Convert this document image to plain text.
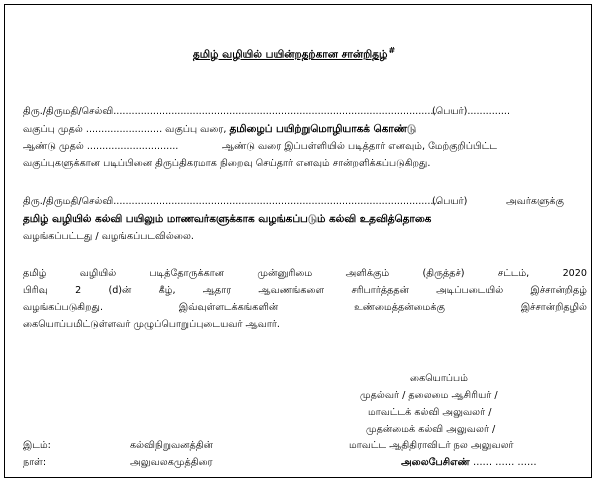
தமிழ் வழியில் பயின்றதற்கான சான்றிதழ்#
திரு./திருமதி/செல்வி..........................................................................................................
(பெயர்)..............
வகுப்பு முதல் ......................... வகுப்பு வரை, தமிழைப் பயிற்றுமொழியாகக் கொண்டு
ஆண்டு முதல் ..............................	ஆண்டு வரை இப்பள்ளியில் படித்தார் எனவும், மேற்குறிப்பிட்ட
வகுப்புகளுக்கான படிப்பினை திருப்திகரமாக நிறைவு செய்தார் எனவும் சான்றளிக்கப்படுகிறது.
திரு./திருமதி/செல்வி...........................................................................................................
(பெயர்)	அவர்களுக்கு
தமிழ் வழியில் கல்வி பயிலும் மாணவர்களுக்காக வழங்கப்படும் கல்வி உதவித்தொகை
வழங்கப்பட்டது / வழங்கப்படவில்லை.
தமிழ் வழியில் படித்தோருக்கான முன்னுரிமை அளிக்கும் (திருத்தச்) சட்டம், 2020
பிரிவு 2 (d)ன் கீழ், ஆதார ஆவணங்களை சரிபார்த்ததன் அடிப்படையில் இச்சான்றிதழ்
வழங்கப்படுகிறது. இவ்வுள்ளடக்கங்களின் உண்மைத்தன்மைக்கு இச்சான்றிதழில்
கையொப்பமிட்டுள்ளவர் முழுப்பொறுப்புடையவர் ஆவார்.
கையொப்பம்
முதல்வர் / தலைமை ஆசிரியர் /
மாவட்டக் கல்வி அலுவலர் /
முதன்மைக் கல்வி அலுவலர் /
மாவட்ட ஆதிதிராவிடர் நல அலுவலர்
அலைபேசிஎண் …… …… ……
இடம்:	கல்விநிறுவனத்தின்
நாள்:	அலுவலகமுத்திரை
